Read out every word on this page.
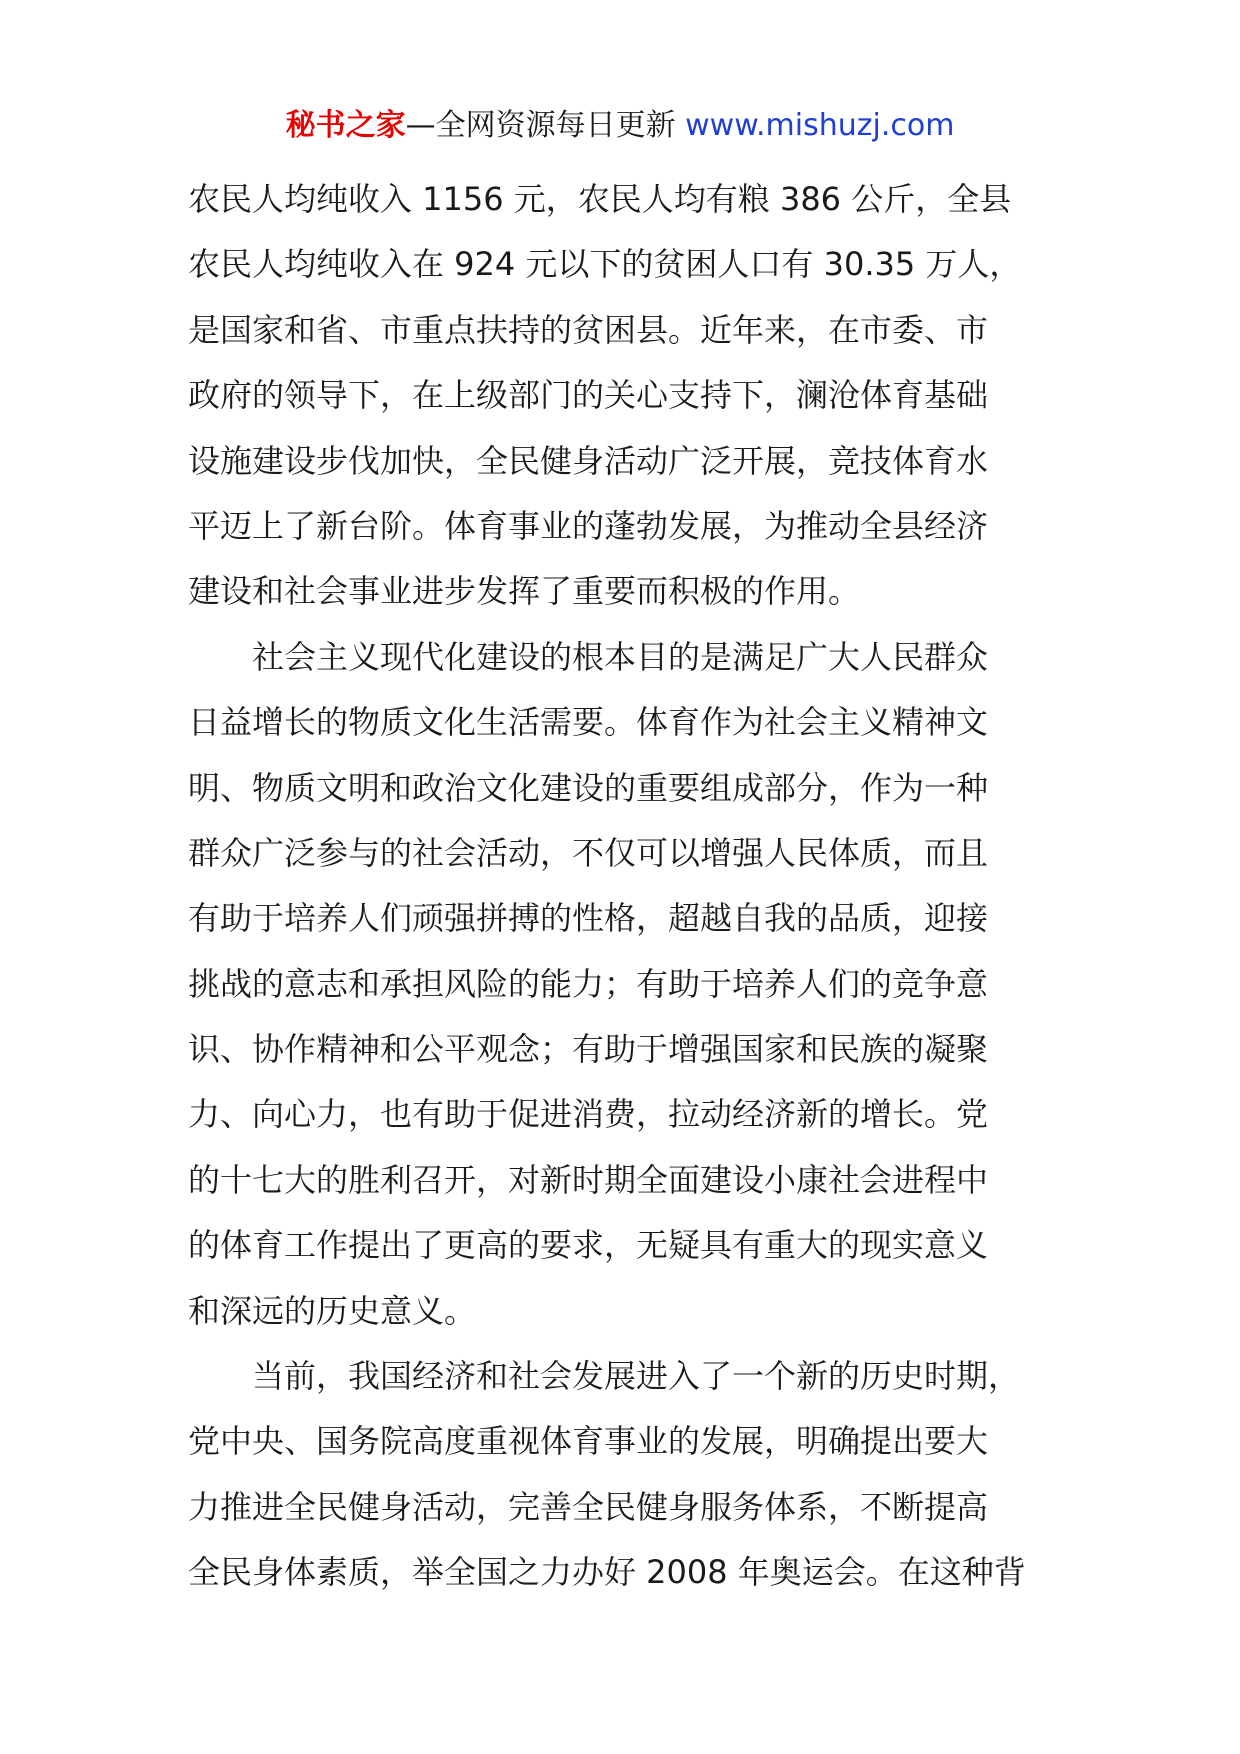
秘书之家—全网资源每日更新 www.mishuzj.com
农民人均纯收入 1156 元，农民人均有粮 386 公斤，全县
农民人均纯收入在 924 元以下的贫困人口有 30.35 万人，
是国家和省、市重点扶持的贫困县。近年来，在市委、市
政府的领导下，在上级部门的关心支持下，澜沧体育基础
设施建设步伐加快，全民健身活动广泛开展，竞技体育水
平迈上了新台阶。体育事业的蓬勃发展，为推动全县经济
建设和社会事业进步发挥了重要而积极的作用。
社会主义现代化建设的根本目的是满足广大人民群众
日益增长的物质文化生活需要。体育作为社会主义精神文
明、物质文明和政治文化建设的重要组成部分，作为一种
群众广泛参与的社会活动，不仅可以增强人民体质，而且
有助于培养人们顽强拼搏的性格，超越自我的品质，迎接
挑战的意志和承担风险的能力；有助于培养人们的竞争意
识、协作精神和公平观念；有助于增强国家和民族的凝聚
力、向心力，也有助于促进消费，拉动经济新的增长。党
的十七大的胜利召开，对新时期全面建设小康社会进程中
的体育工作提出了更高的要求，无疑具有重大的现实意义
和深远的历史意义。
当前，我国经济和社会发展进入了一个新的历史时期，
党中央、国务院高度重视体育事业的发展，明确提出要大
力推进全民健身活动，完善全民健身服务体系，不断提高
全民身体素质，举全国之力办好 2008 年奥运会。在这种背
